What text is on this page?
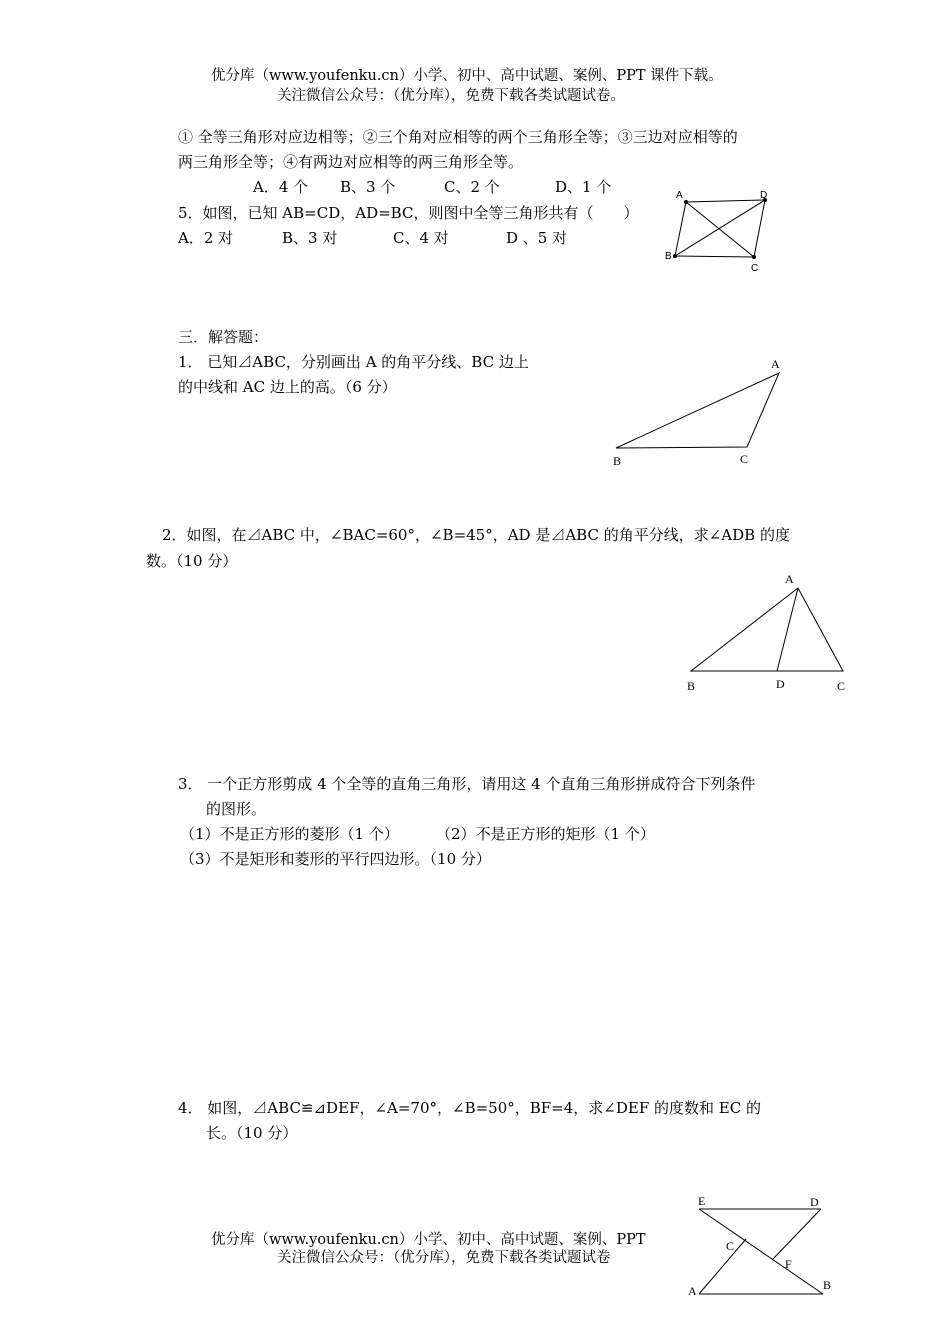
优分库（www.youfenku.cn）小学、初中、高中试题、案例、PPT 课件下载。
关注微信公众号：（优分库），免费下载各类试题试卷。
① 全等三角形对应边相等；②三个角对应相等的两个三角形全等；③三边对应相等的
两三角形全等；④有两边对应相等的两三角形全等。
A．4 个 B、3 个	C、2 个	D、1 个
5．如图，已知 AB=CD，AD=BC，则图中全等三角形共有（　　）
A．2 对	B、3 对	C、4 对	D 、5 对
A	D
B
C
三．解答题：
1． 已知⊿ABC，分别画出 A 的角平分线、BC 边上
的中线和 AC 边上的高。（6 分）
A
B	C
2．如图，在⊿ABC 中，∠BAC=60°，∠B=45°，AD 是⊿ABC 的角平分线，求∠ADB 的度
数。（10 分）
A
B	D	C
3． 一个正方形剪成 4 个全等的直角三角形，请用这 4 个直角三角形拼成符合下列条件
的图形。
（1）不是正方形的菱形（1 个） （2）不是正方形的矩形（1 个）
（3）不是矩形和菱形的平行四边形。（10 分）
4． 如图，⊿ABC≌⊿DEF，∠A=70°，∠B=50°，BF=4，求∠DEF 的度数和 EC 的
长。（10 分）
E	D
C
F
A	B
优分库（www.youfenku.cn）小学、初中、高中试题、案例、PPT
关注微信公众号：（优分库），免费下载各类试题试卷
